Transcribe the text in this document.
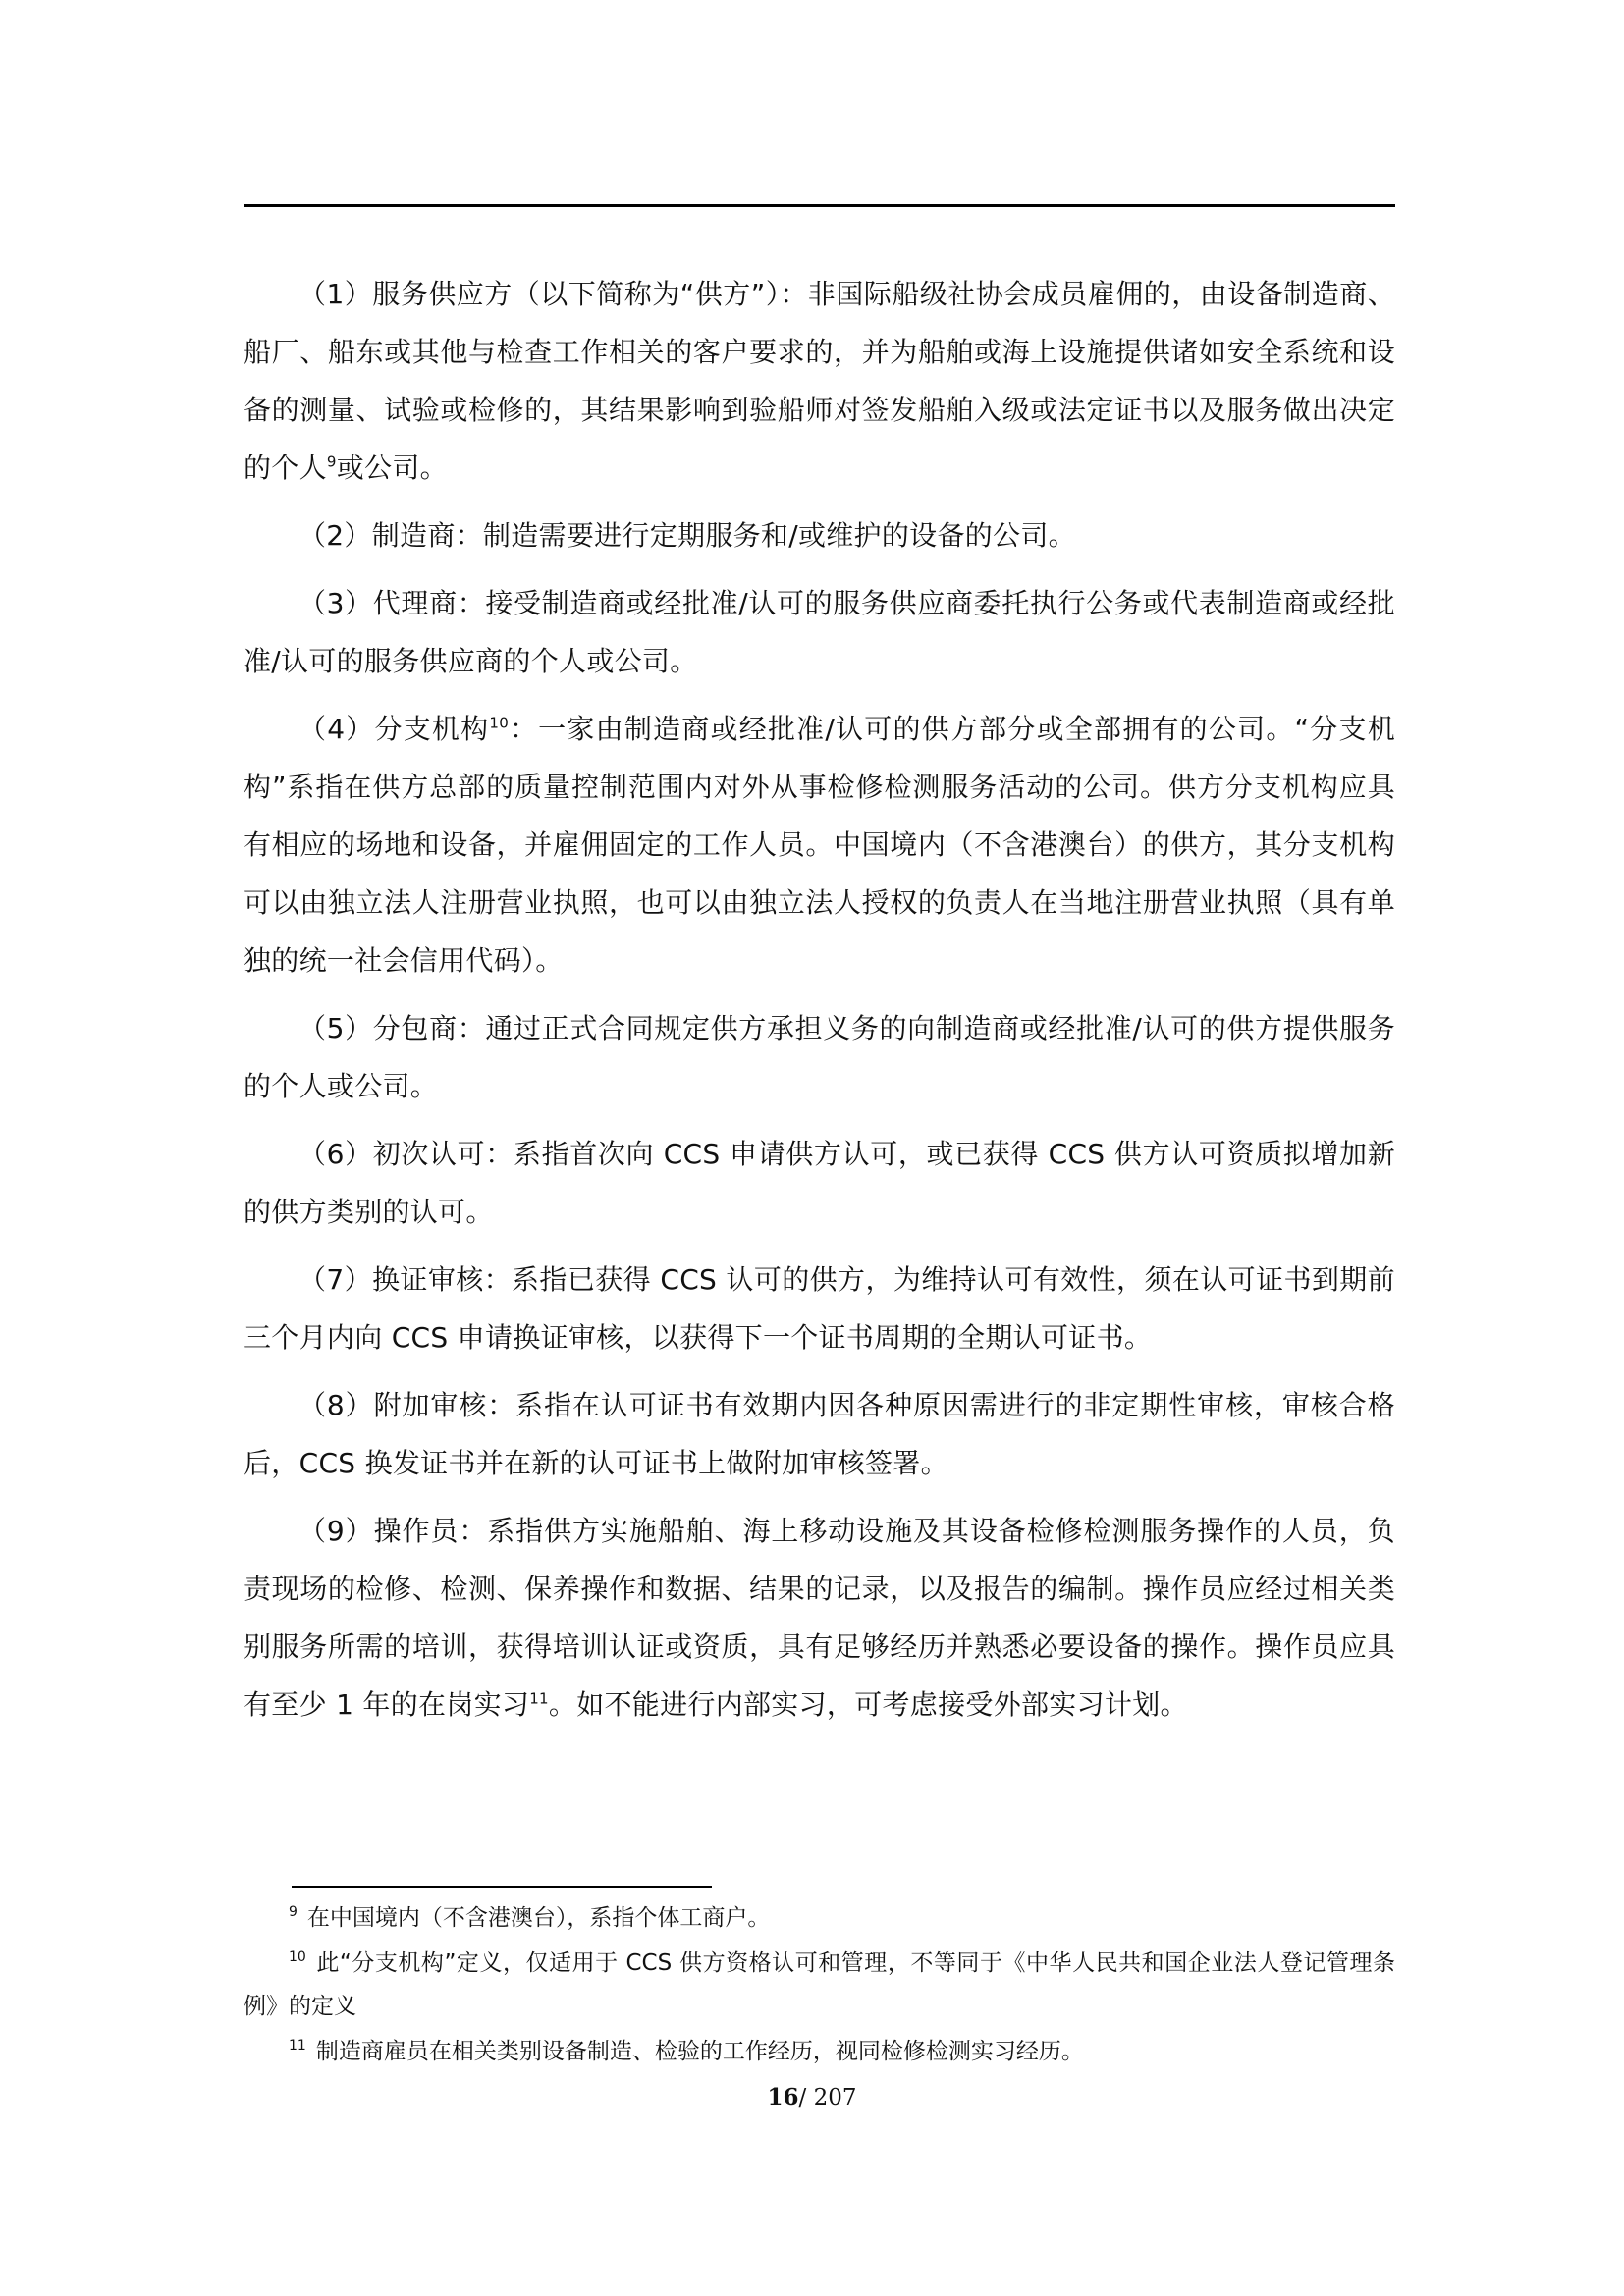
（1）服务供应方（以下简称为“供方”）：非国际船级社协会成员雇佣的，由设备制造商、船厂、船东或其他与检查工作相关的客户要求的，并为船舶或海上设施提供诸如安全系统和设备的测量、试验或检修的，其结果影响到验船师对签发船舶入级或法定证书以及服务做出决定的个人$^9$或公司。

（2）制造商：制造需要进行定期服务和/或维护的设备的公司。

（3）代理商：接受制造商或经批准/认可的服务供应商委托执行公务或代表制造商或经批准/认可的服务供应商的个人或公司。

（4）分支机构$^{10}$：一家由制造商或经批准/认可的供方部分或全部拥有的公司。“分支机构”系指在供方总部的质量控制范围内对外从事检修检测服务活动的公司。供方分支机构应具有相应的场地和设备，并雇佣固定的工作人员。中国境内（不含港澳台）的供方，其分支机构可以由独立法人注册营业执照，也可以由独立法人授权的负责人在当地注册营业执照（具有单独的统一社会信用代码）。

（5）分包商：通过正式合同规定供方承担义务的向制造商或经批准/认可的供方提供服务的个人或公司。

（6）初次认可：系指首次向 CCS 申请供方认可，或已获得 CCS 供方认可资质拟增加新的供方类别的认可。

（7）换证审核：系指已获得 CCS 认可的供方，为维持认可有效性，须在认可证书到期前三个月内向 CCS 申请换证审核，以获得下一个证书周期的全期认可证书。

（8）附加审核：系指在认可证书有效期内因各种原因需进行的非定期性审核，审核合格后，CCS 换发证书并在新的认可证书上做附加审核签署。

（9）操作员：系指供方实施船舶、海上移动设施及其设备检修检测服务操作的人员，负责现场的检修、检测、保养操作和数据、结果的记录，以及报告的编制。操作员应经过相关类别服务所需的培训，获得培训认证或资质，具有足够经历并熟悉必要设备的操作。操作员应具有至少 1 年的在岗实习$^{11}$。如不能进行内部实习，可考虑接受外部实习计划。

$^9$ 在中国境内（不含港澳台），系指个体工商户。

$^{10}$ 此“分支机构”定义，仅适用于 CCS 供方资格认可和管理，不等同于《中华人民共和国企业法人登记管理条例》的定义

$^{11}$ 制造商雇员在相关类别设备制造、检验的工作经历，视同检修检测实习经历。

16/ 207
